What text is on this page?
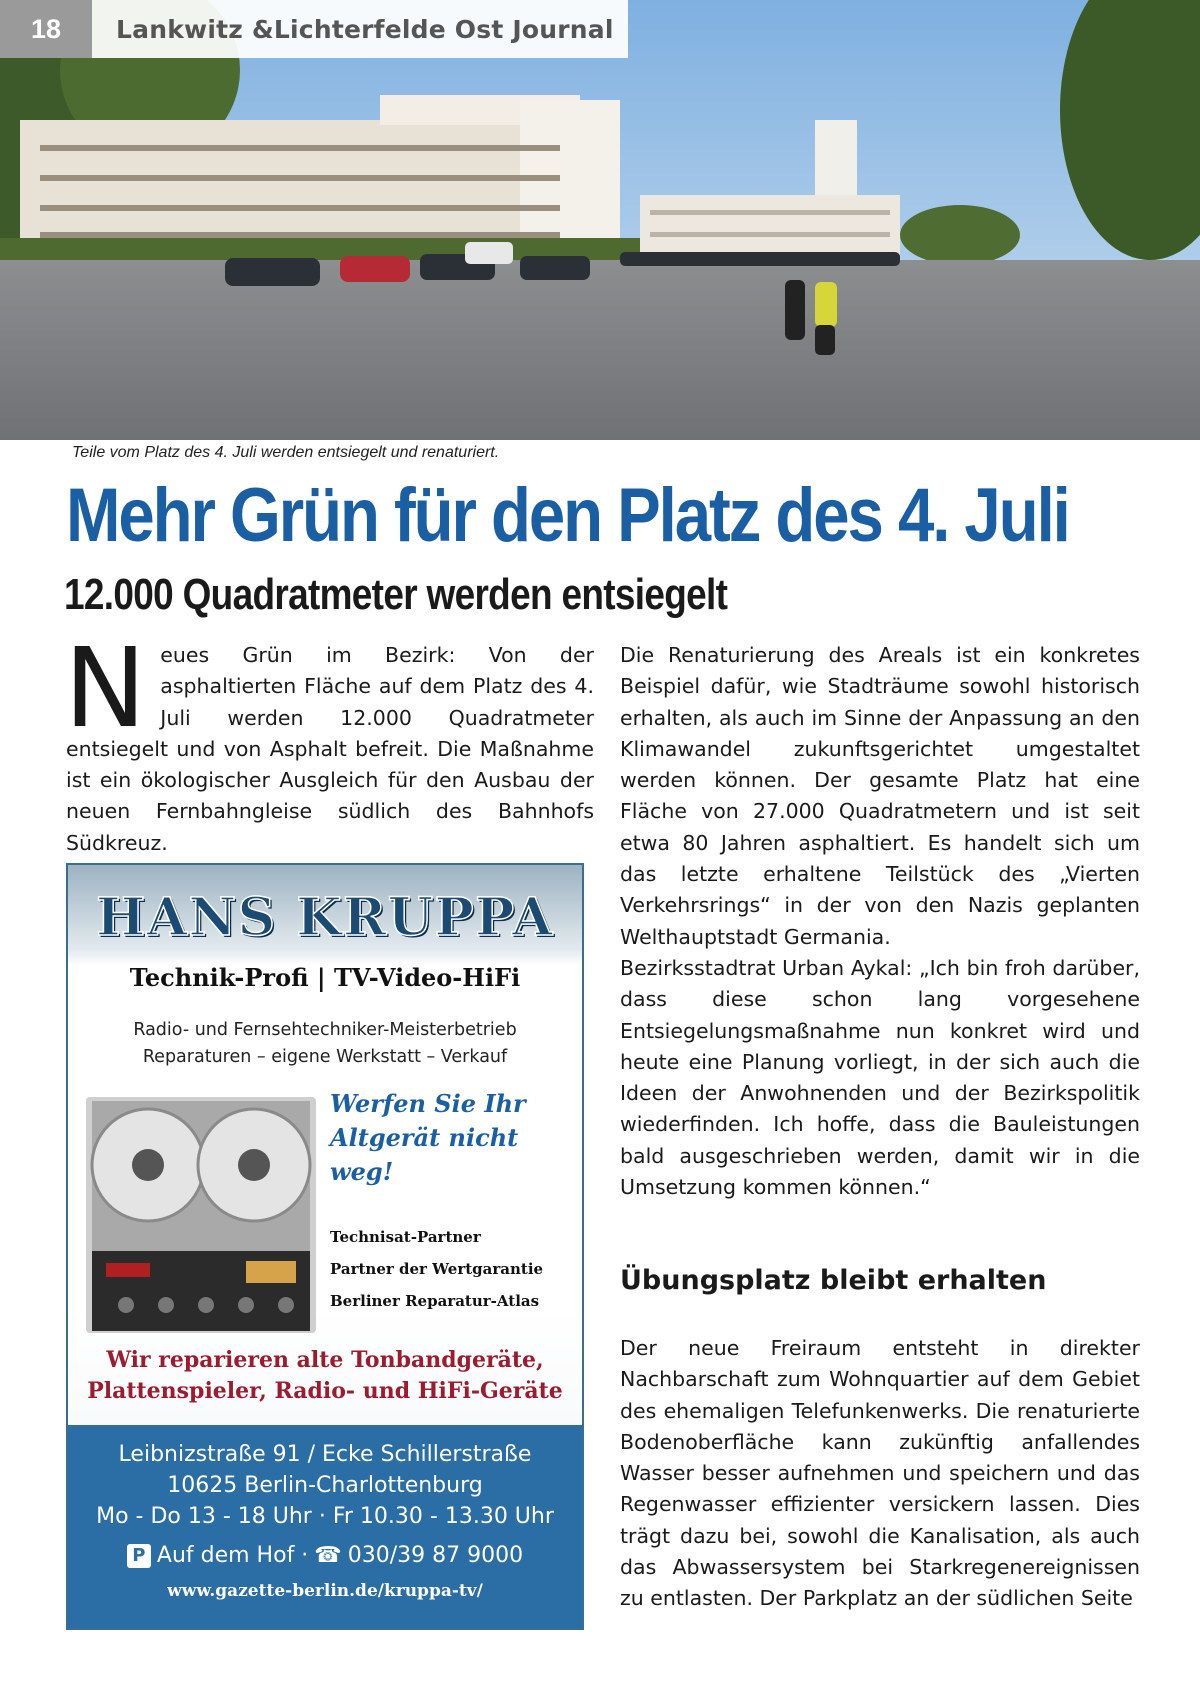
18	Lankwitz &Lichterfelde Ost Journal
Teile vom Platz des 4. Juli werden entsiegelt und renaturiert.
Mehr Grün für den Platz des 4. Juli
12.000 Quadratmeter werden entsiegelt
N eues Grün im Bezirk: Von der asphaltierten Fläche auf dem Platz des 4. Juli werden 12.000 Quadratmeter entsiegelt und von Asphalt befreit. Die Maßnahme ist ein ökologischer Ausgleich für den Ausbau der neuen Fernbahngleise südlich des Bahnhofs Südkreuz.

Die Renaturierung des Areals ist ein konkretes Beispiel dafür, wie Stadträume sowohl historisch erhalten, als auch im Sinne der Anpassung an den Klimawandel zukunftsgerichtet umgestaltet werden können. Der gesamte Platz hat eine Fläche von 27.000 Quadratmetern und ist seit etwa 80 Jahren asphaltiert. Es handelt sich um das letzte erhaltene Teilstück des „Vierten Verkehrsrings“ in der von den Nazis geplanten Welthauptstadt Germania.

Bezirksstadtrat Urban Aykal: „Ich bin froh darüber, dass diese schon lang vorgesehene Entsiegelungsmaßnahme nun konkret wird und heute eine Planung vorliegt, in der sich auch die Ideen der Anwohnenden und der Bezirkspolitik wiederfinden. Ich hoffe, dass die Bauleistungen bald ausgeschrieben werden, damit wir in die Umsetzung kommen können.“

Übungsplatz bleibt erhalten

Der neue Freiraum entsteht in direkter Nachbarschaft zum Wohnquartier auf dem Gebiet des ehemaligen Telefunkenwerks. Die renaturierte Bodenoberfläche kann zukünftig anfallendes Wasser besser aufnehmen und speichern und das Regenwasser effizienter versickern lassen. Dies trägt dazu bei, sowohl die Kanalisation, als auch das Abwassersystem bei Starkregenereignissen zu entlasten. Der Parkplatz an der südlichen Seite

HANS KRUPPA
Technik-Profi | TV-Video-HiFi
Radio- und Fernsehtechniker-Meisterbetrieb
Reparaturen – eigene Werkstatt – Verkauf
Werfen Sie Ihr Altgerät nicht weg!
Technisat-Partner
Partner der Wertgarantie
Berliner Reparatur-Atlas
Wir reparieren alte Tonbandgeräte,
Plattenspieler, Radio- und HiFi-Geräte
Leibnizstraße 91 / Ecke Schillerstraße
10625 Berlin-Charlottenburg
Mo - Do 13 - 18 Uhr · Fr 10.30 - 13.30 Uhr
P Auf dem Hof · ☎ 030/39 87 9000
www.gazette-berlin.de/kruppa-tv/
